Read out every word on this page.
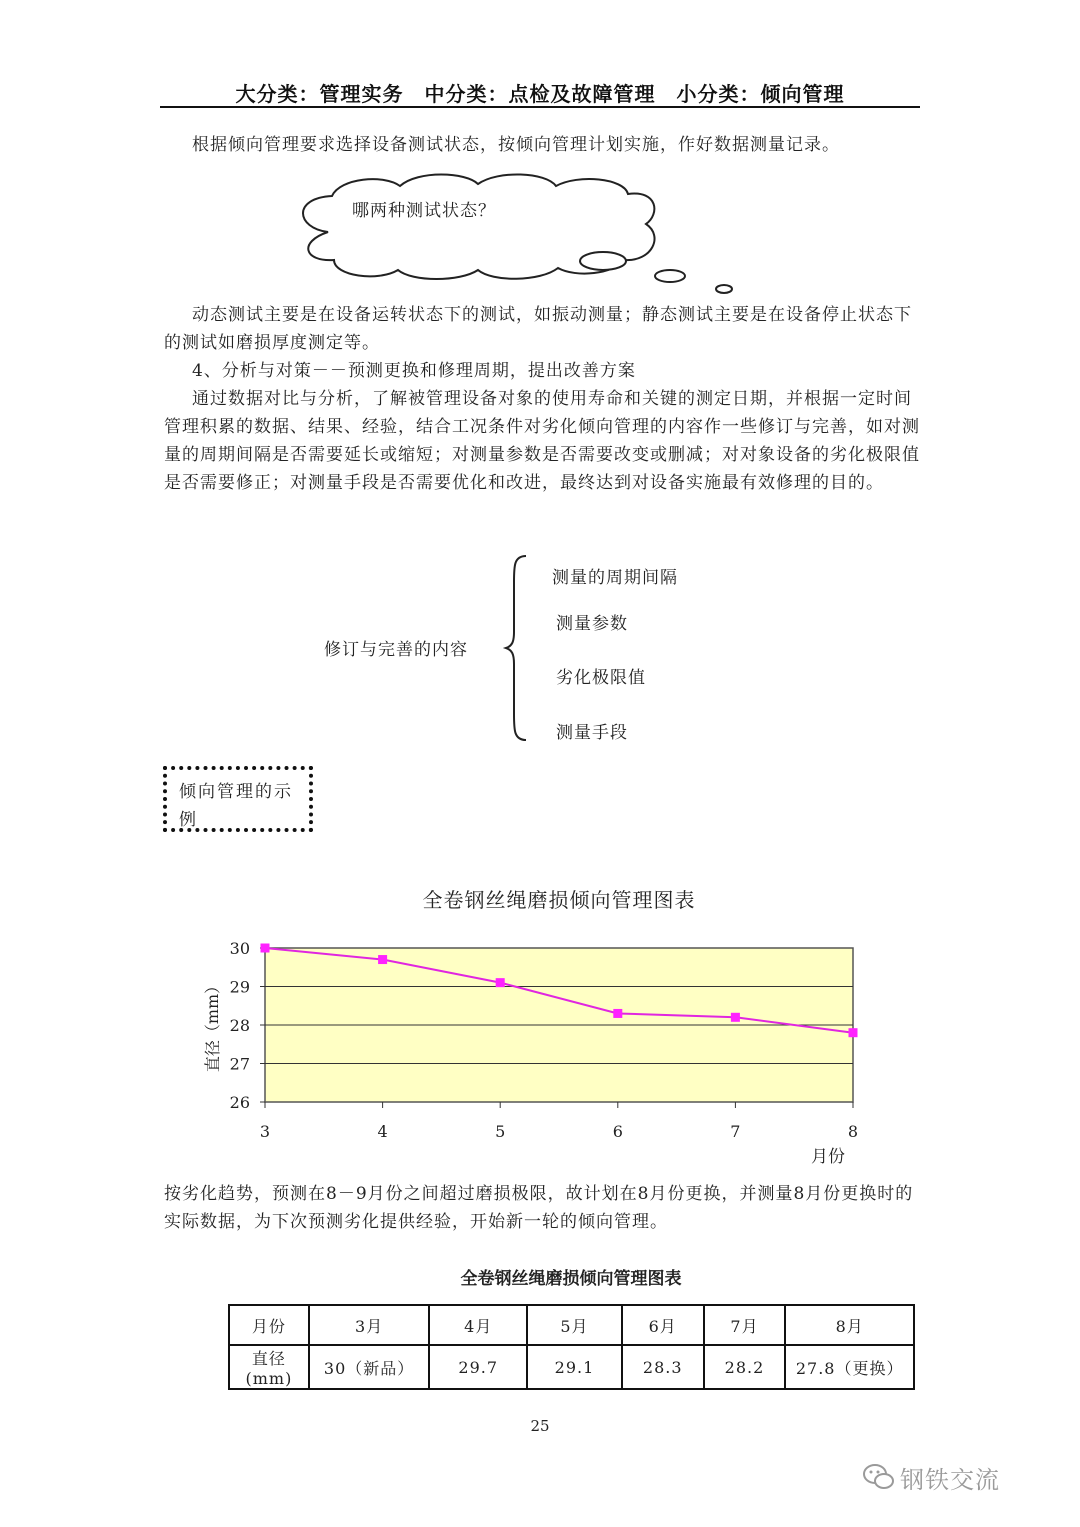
大分类：管理实务　中分类：点检及故障管理　小分类：倾向管理
根据倾向管理要求选择设备测试状态，按倾向管理计划实施，作好数据测量记录。
哪两种测试状态？
动态测试主要是在设备运转状态下的测试，如振动测量；静态测试主要是在设备停止状态下的测试如磨损厚度测定等。
4、分析与对策－－预测更换和修理周期，提出改善方案
通过数据对比与分析，了解被管理设备对象的使用寿命和关键的测定日期，并根据一定时间管理积累的数据、结果、经验，结合工况条件对劣化倾向管理的内容作一些修订与完善，如对测量的周期间隔是否需要延长或缩短；对测量参数是否需要改变或删减；对对象设备的劣化极限值是否需要修正；对测量手段是否需要优化和改进，最终达到对设备实施最有效修理的目的。
修订与完善的内容
测量的周期间隔
测量参数
劣化极限值
测量手段
倾向管理的示例
全卷钢丝绳磨损倾向管理图表
26
27
28
29
30
3	4	5	6	7	8
月份
直径（mm）
按劣化趋势，预测在8－9月份之间超过磨损极限，故计划在8月份更换，并测量8月份更换时的实际数据，为下次预测劣化提供经验，开始新一轮的倾向管理。
全卷钢丝绳磨损倾向管理图表
月份	3月	4月	5月	6月	7月	8月
直径(mm)	30（新品）	29.7	29.1	28.3	28.2	27.8（更换）
25
钢铁交流
